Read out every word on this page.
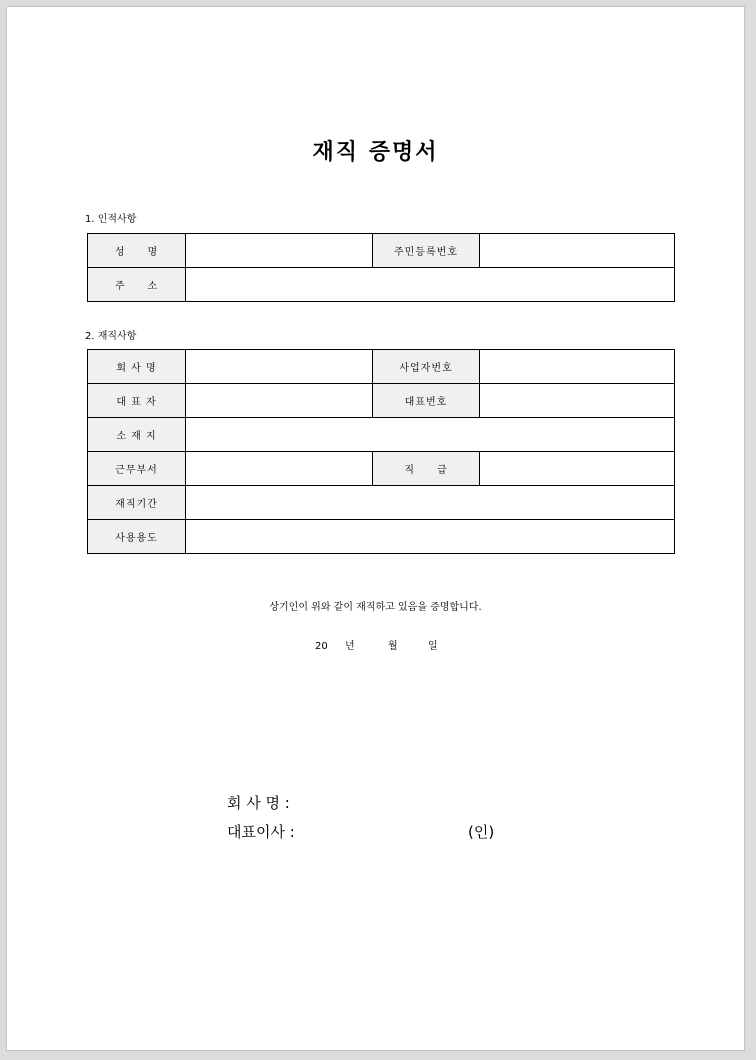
재직 증명서
1. 인적사항
성　　명		주민등록번호	
주　　소			
2. 재직사항
회 사 명		사업자번호	
대 표 자		대표번호	
소 재 지			
근무부서		직　　급	
재직기간			
사용용도			
상기인이 위와 같이 재직하고 있음을 증명합니다.
20 년	월	일
회 사 명 :
대표이사 :	(인)
